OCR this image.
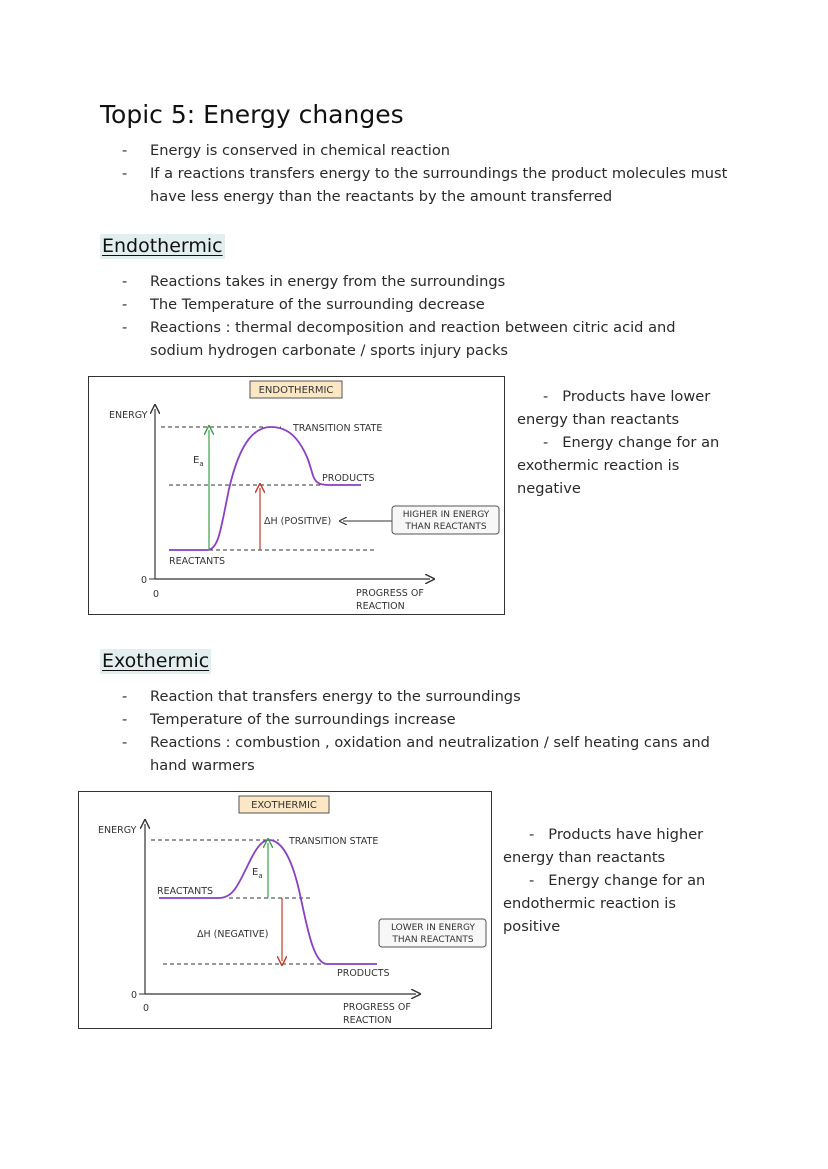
Topic 5: Energy changes
- Energy is conserved in chemical reaction
- If a reactions transfers energy to the surroundings the product molecules must
have less energy than the reactants by the amount transferred
Endothermic
- Reactions takes in energy from the surroundings
- The Temperature of the surrounding decrease
- Reactions : thermal decomposition and reaction between citric acid and
sodium hydrogen carbonate / sports injury packs
ENDOTHERMIC
ENERGY
0
0
$E_a$
ΔH (POSITIVE)
TRANSITION STATE
PRODUCTS
REACTANTS
HIGHER IN ENERGY
THAN REACTANTS
PROGRESS OF
REACTION
- Products have lower
energy than reactants
- Energy change for an
exothermic reaction is
negative
Exothermic
- Reaction that transfers energy to the surroundings
- Temperature of the surroundings increase
- Reactions : combustion , oxidation and neutralization / self heating cans and
hand warmers
EXOTHERMIC
ENERGY
0
0
$E_a$
ΔH (NEGATIVE)
TRANSITION STATE
REACTANTS
PRODUCTS
LOWER IN ENERGY
THAN REACTANTS
PROGRESS OF
REACTION
- Products have higher
energy than reactants
- Energy change for an
endothermic reaction is
positive
